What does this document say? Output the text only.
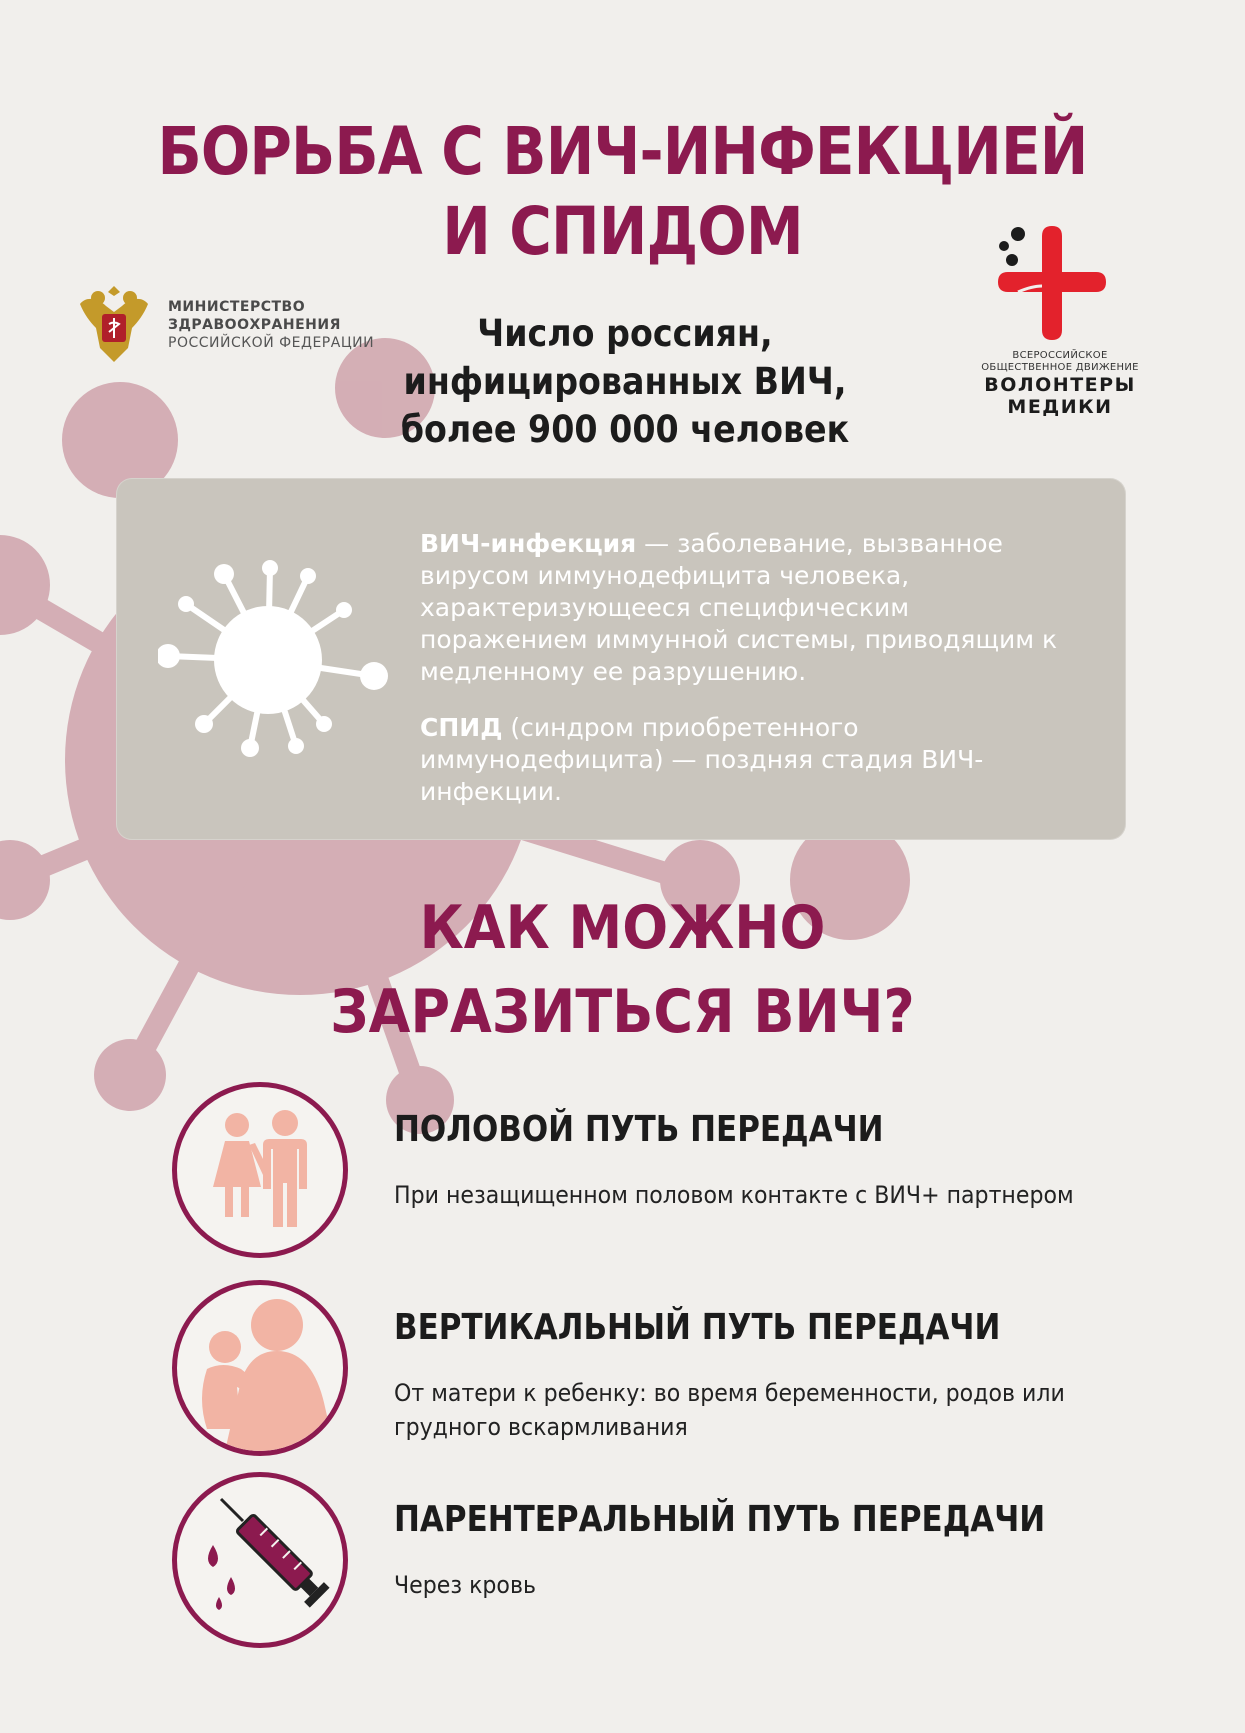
БОРЬБА С ВИЧ-ИНФЕКЦИЕЙ
И СПИДОМ
МИНИСТЕРСТВО
ЗДРАВООХРАНЕНИЯ
РОССИЙСКОЙ ФЕДЕРАЦИИ	Число россиян,
инфицированных ВИЧ,
более 900 000 человек
ВСЕРОССИЙСКОЕ
ОБЩЕСТВЕННОЕ ДВИЖЕНИЕ
ВОЛОНТЕРЫ
МЕДИКИ

ВИЧ-инфекция — заболевание, вызванное вирусом иммунодефицита человека, характеризующееся специфическим поражением иммунной системы, приводящим к медленному ее разрушению.

СПИД (синдром приобретенного иммунодефицита) — поздняя стадия ВИЧ-инфекции.

КАК МОЖНО
ЗАРАЗИТЬСЯ ВИЧ?
ПОЛОВОЙ ПУТЬ ПЕРЕДАЧИ
При незащищенном половом контакте с ВИЧ+ партнером
ВЕРТИКАЛЬНЫЙ ПУТЬ ПЕРЕДАЧИ
От матери к ребенку: во время беременности, родов или грудного вскармливания
ПАРЕНТЕРАЛЬНЫЙ ПУТЬ ПЕРЕДАЧИ
Через кровь
